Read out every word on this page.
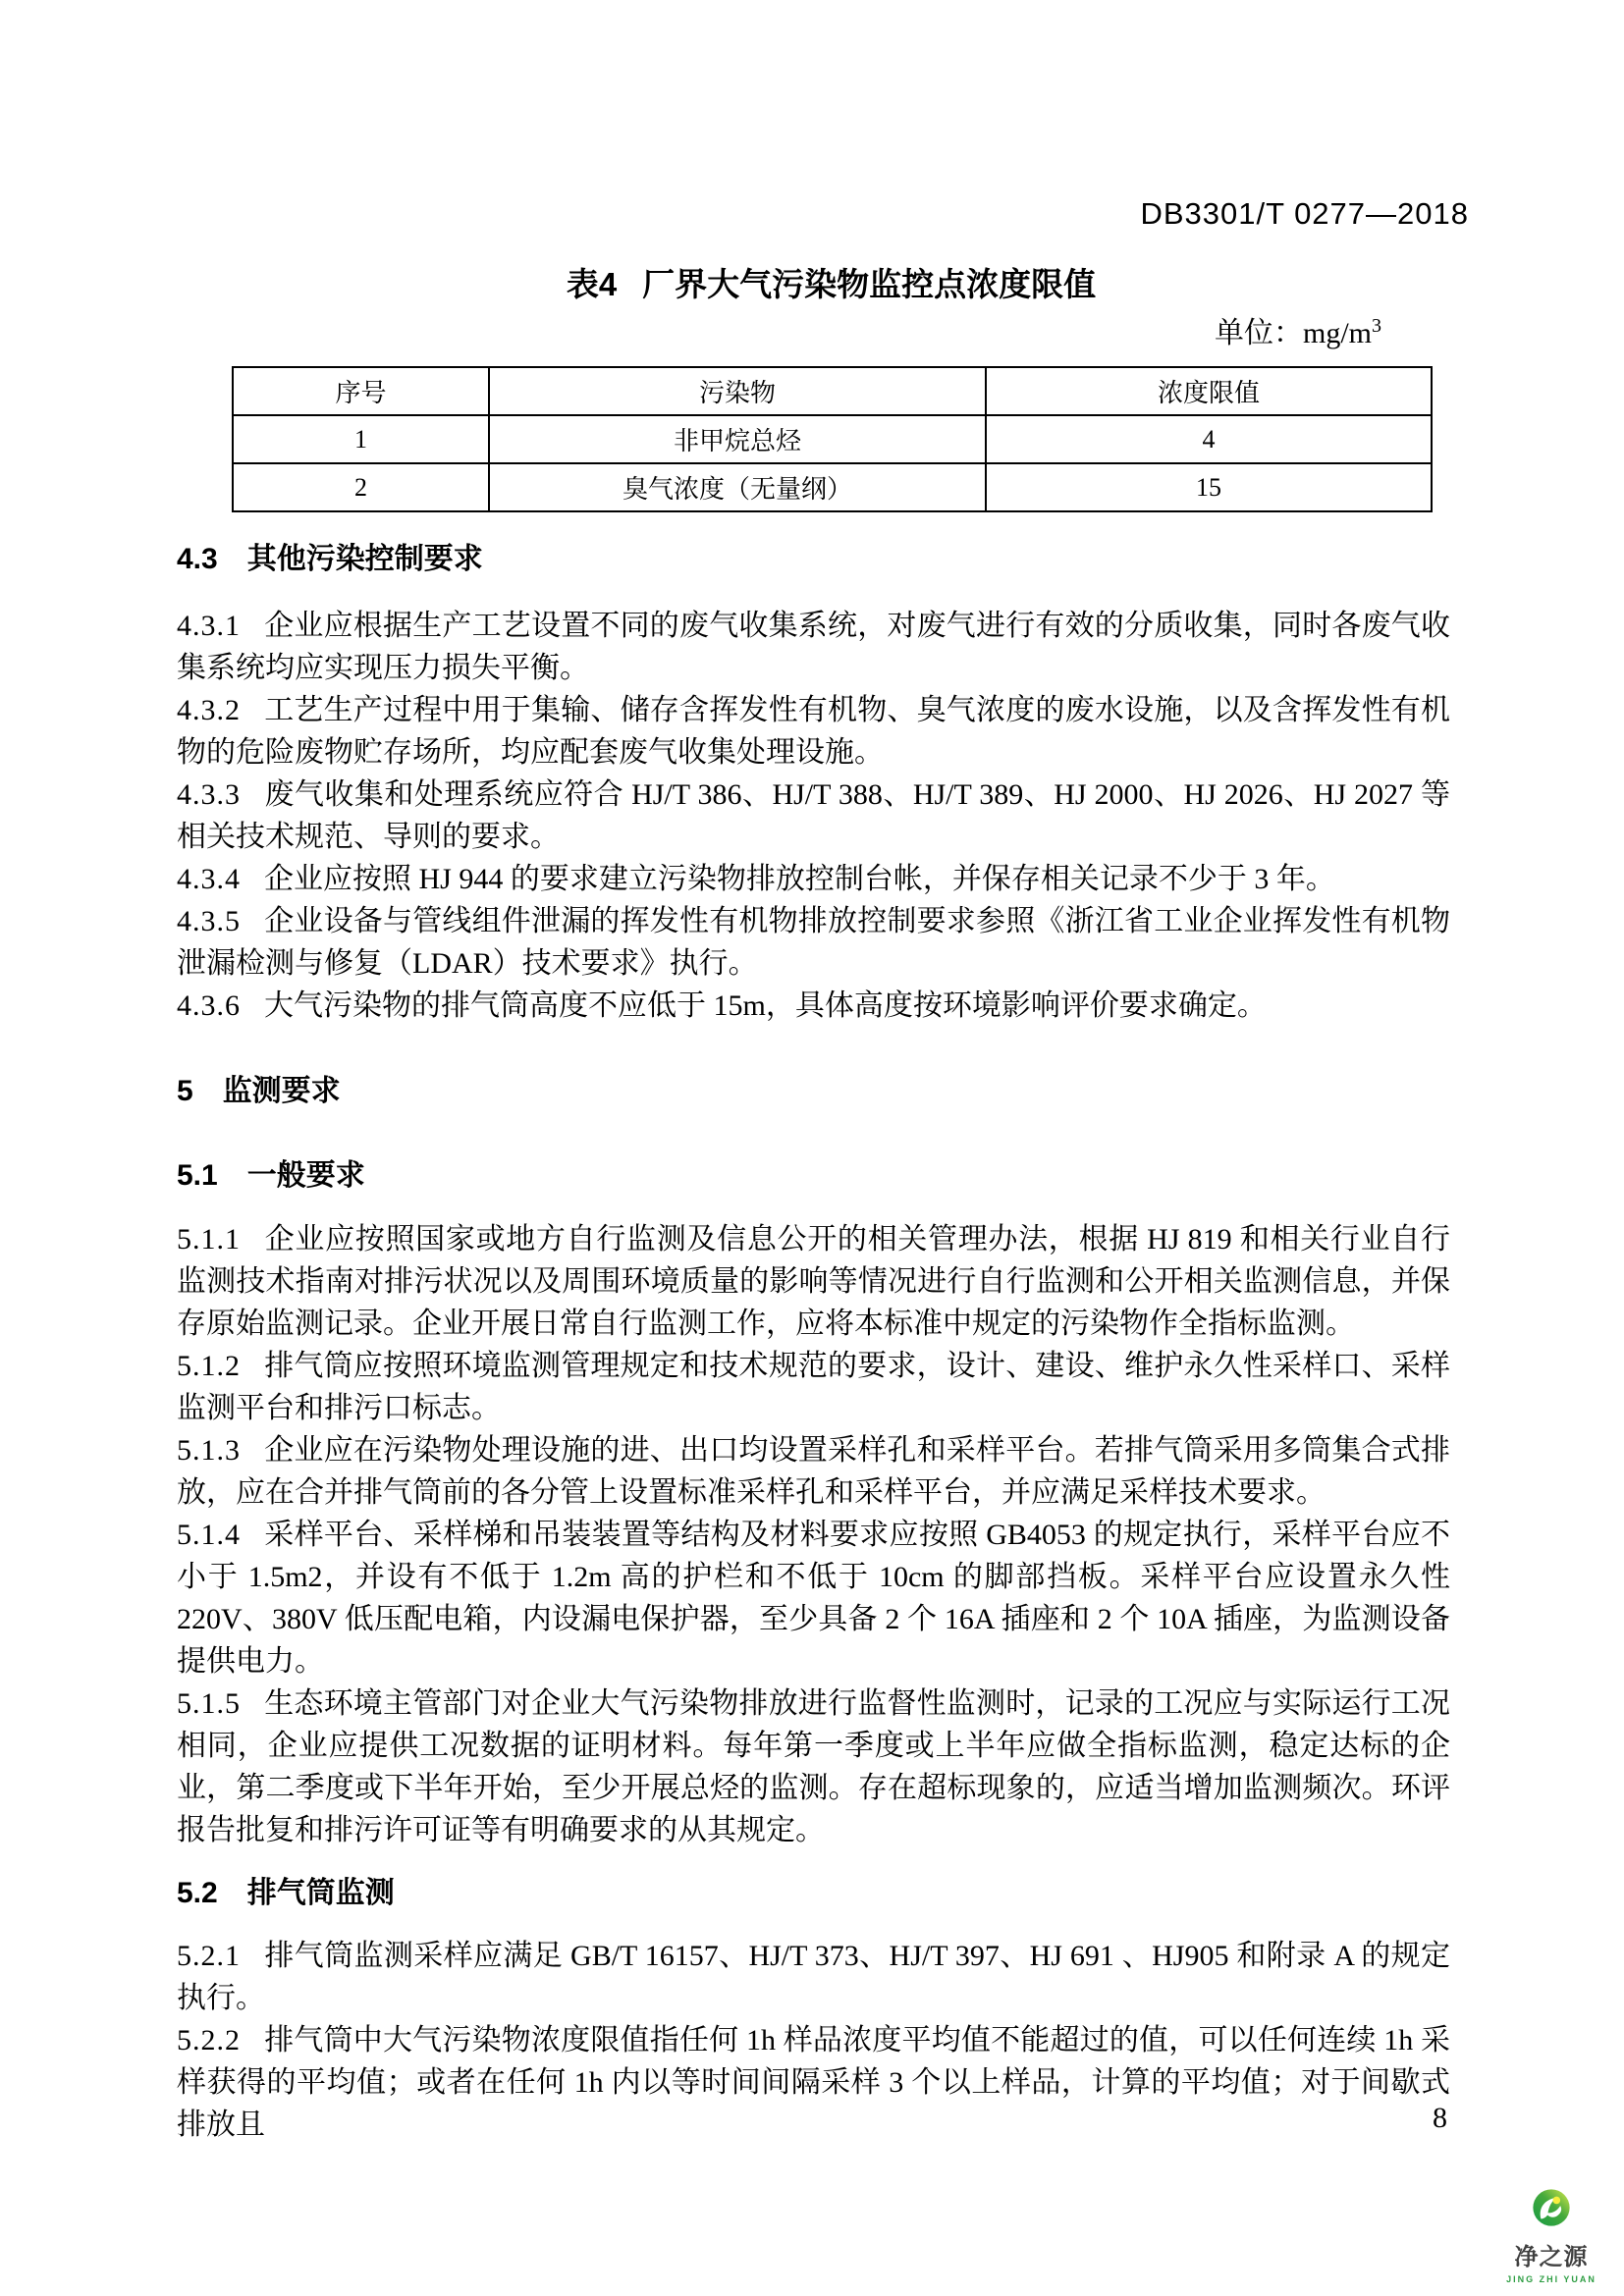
DB3301/T 0277—2018

表4 厂界大气污染物监控点浓度限值

单位：$mg/m^3$
序号	污染物	浓度限值
1	非甲烷总烃	4
2	臭气浓度（无量纲）	15

4.3 其他污染控制要求

4.3.1 企业应根据生产工艺设置不同的废气收集系统，对废气进行有效的分质收集，同时各废气收集系统均应实现压力损失平衡。

4.3.2 工艺生产过程中用于集输、储存含挥发性有机物、臭气浓度的废水设施，以及含挥发性有机物的危险废物贮存场所，均应配套废气收集处理设施。

4.3.3 废气收集和处理系统应符合 HJ/T 386、HJ/T 388、HJ/T 389、HJ 2000、HJ 2026、HJ 2027 等相关技术规范、导则的要求。

4.3.4 企业应按照 HJ 944 的要求建立污染物排放控制台帐，并保存相关记录不少于 3 年。

4.3.5 企业设备与管线组件泄漏的挥发性有机物排放控制要求参照《浙江省工业企业挥发性有机物泄漏检测与修复（LDAR）技术要求》执行。

4.3.6 大气污染物的排气筒高度不应低于 15m，具体高度按环境影响评价要求确定。

5 监测要求

5.1 一般要求

5.1.1 企业应按照国家或地方自行监测及信息公开的相关管理办法，根据 HJ 819 和相关行业自行监测技术指南对排污状况以及周围环境质量的影响等情况进行自行监测和公开相关监测信息，并保存原始监测记录。企业开展日常自行监测工作，应将本标准中规定的污染物作全指标监测。

5.1.2 排气筒应按照环境监测管理规定和技术规范的要求，设计、建设、维护永久性采样口、采样监测平台和排污口标志。

5.1.3 企业应在污染物处理设施的进、出口均设置采样孔和采样平台。若排气筒采用多筒集合式排放，应在合并排气筒前的各分管上设置标准采样孔和采样平台，并应满足采样技术要求。

5.1.4 采样平台、采样梯和吊装装置等结构及材料要求应按照 GB4053 的规定执行，采样平台应不小于 1.5m2，并设有不低于 1.2m 高的护栏和不低于 10cm 的脚部挡板。采样平台应设置永久性 220V、380V 低压配电箱，内设漏电保护器，至少具备 2 个 16A 插座和 2 个 10A 插座，为监测设备提供电力。

5.1.5 生态环境主管部门对企业大气污染物排放进行监督性监测时，记录的工况应与实际运行工况相同，企业应提供工况数据的证明材料。每年第一季度或上半年应做全指标监测，稳定达标的企业，第二季度或下半年开始，至少开展总烃的监测。存在超标现象的，应适当增加监测频次。环评报告批复和排污许可证等有明确要求的从其规定。

5.2 排气筒监测

5.2.1 排气筒监测采样应满足 GB/T 16157、HJ/T 373、HJ/T 397、HJ 691 、HJ905 和附录 A 的规定执行。

5.2.2 排气筒中大气污染物浓度限值指任何 1h 样品浓度平均值不能超过的值，可以任何连续 1h 采样获得的平均值；或者在任何 1h 内以等时间间隔采样 3 个以上样品，计算的平均值；对于间歇式排放且	8
净之源
JING ZHI YUAN
